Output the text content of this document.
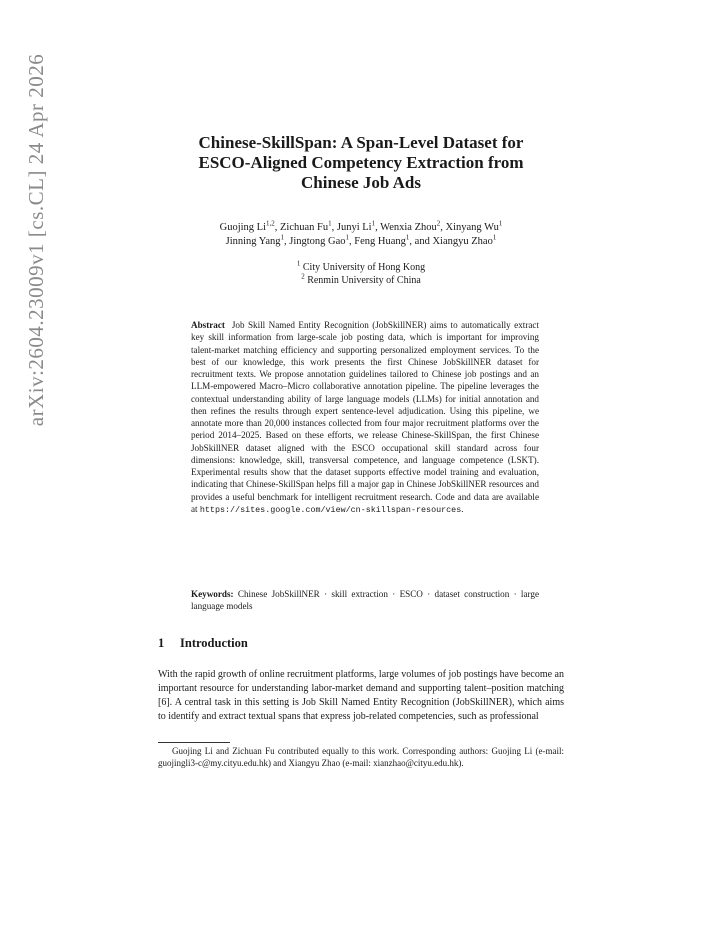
arXiv:2604.23009v1 [cs.CL] 24 Apr 2026	Chinese-SkillSpan: A Span-Level Dataset for
ESCO-Aligned Competency Extraction from
Chinese Job Ads
Guojing Li$^{1,2}$, Zichuan Fu$^1$, Junyi Li$^1$, Wenxia Zhou$^2$, Xinyang Wu$^1$
Jinning Yang$^1$, Jingtong Gao$^1$, Feng Huang$^1$, and Xiangyu Zhao$^1$
$^1$ City University of Hong Kong
$^2$ Renmin University of China

Abstract Job Skill Named Entity Recognition (JobSkillNER) aims to automatically extract key skill information from large-scale job posting data, which is important for improving talent-market matching efficiency and supporting personalized employment services. To the best of our knowledge, this work presents the first Chinese JobSkillNER dataset for recruitment texts. We propose annotation guidelines tailored to Chinese job postings and an LLM-empowered Macro–Micro collaborative annotation pipeline. The pipeline leverages the contextual understanding ability of large language models (LLMs) for initial annotation and then refines the results through expert sentence-level adjudication. Using this pipeline, we annotate more than 20,000 instances collected from four major recruitment platforms over the period 2014–2025. Based on these efforts, we release Chinese-SkillSpan, the first Chinese JobSkillNER dataset aligned with the ESCO occupational skill standard across four dimensions: knowledge, skill, transversal competence, and language competence (LSKT). Experimental results show that the dataset supports effective model training and evaluation, indicating that Chinese-SkillSpan helps fill a major gap in Chinese JobSkillNER resources and provides a useful benchmark for intelligent recruitment research. Code and data are available at https://sites.google.com/view/cn-skillspan-resources.

Keywords: Chinese JobSkillNER · skill extraction · ESCO · dataset construction · large language models
1 Introduction

With the rapid growth of online recruitment platforms, large volumes of job postings have become an important resource for understanding labor-market demand and supporting talent–position matching [6]. A central task in this setting is Job Skill Named Entity Recognition (JobSkillNER), which aims to identify and extract textual spans that express job-related competencies, such as professional

Guojing Li and Zichuan Fu contributed equally to this work. Corresponding authors: Guojing Li (e-mail: guojingli3-c@my.cityu.edu.hk) and Xiangyu Zhao (e-mail: xianzhao@cityu.edu.hk).
